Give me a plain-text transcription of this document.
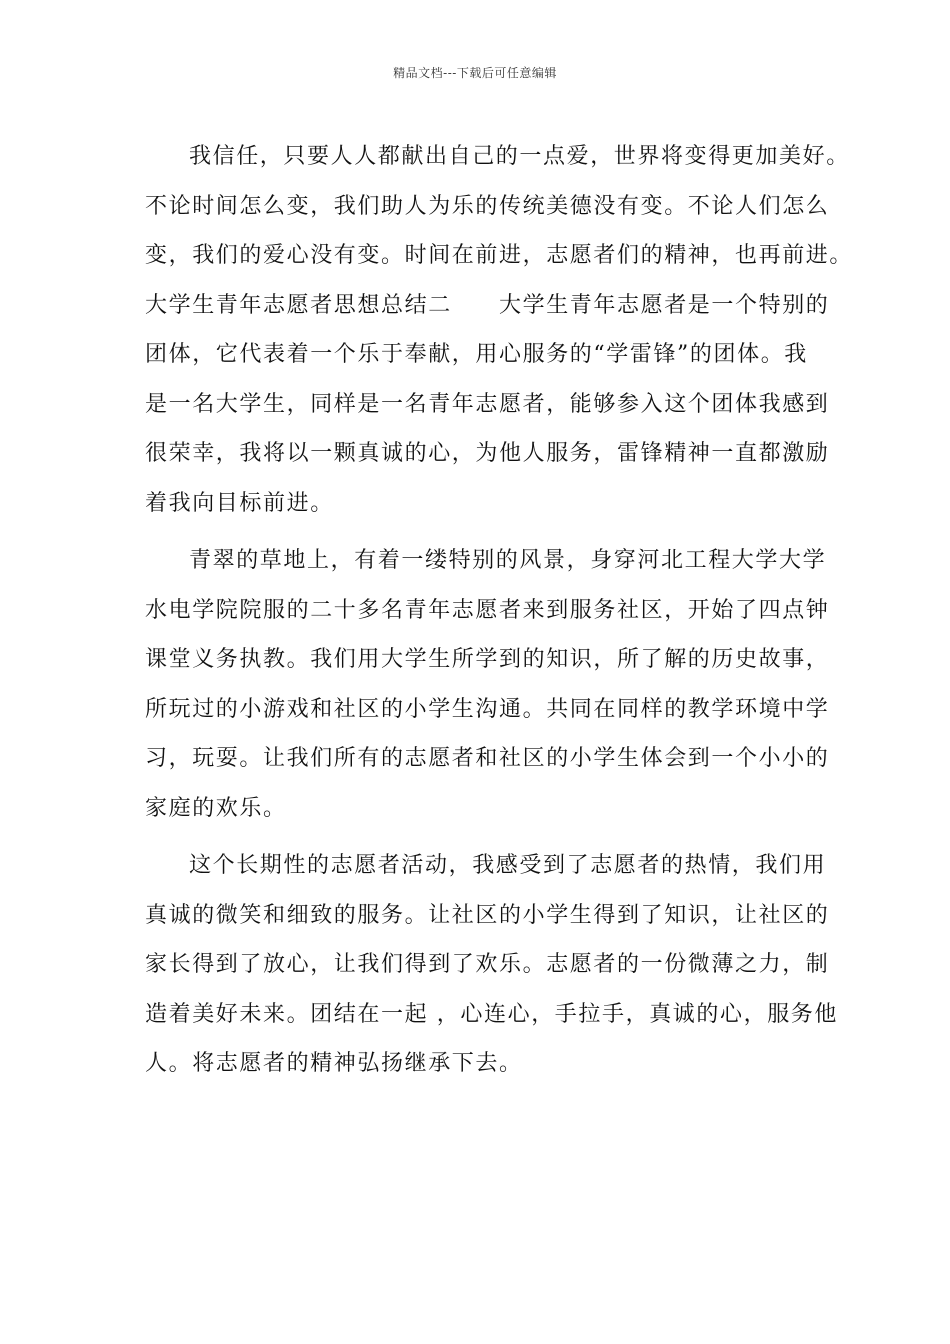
精品文档---下载后可任意编辑
我信任，只要人人都献出自己的一点爱，世界将变得更加美好。
不论时间怎么变，我们助人为乐的传统美德没有变。不论人们怎么
变，我们的爱心没有变。时间在前进，志愿者们的精神，也再前进。
大学生青年志愿者思想总结二　　大学生青年志愿者是一个特别的
团体，它代表着一个乐于奉献，用心服务的“学雷锋”的团体。我
是一名大学生，同样是一名青年志愿者，能够参入这个团体我感到
很荣幸，我将以一颗真诚的心，为他人服务，雷锋精神一直都激励
着我向目标前进。
青翠的草地上，有着一缕特别的风景，身穿河北工程大学大学
水电学院院服的二十多名青年志愿者来到服务社区，开始了四点钟
课堂义务执教。我们用大学生所学到的知识，所了解的历史故事，
所玩过的小游戏和社区的小学生沟通。共同在同样的教学环境中学
习，玩耍。让我们所有的志愿者和社区的小学生体会到一个小小的
家庭的欢乐。
这个长期性的志愿者活动，我感受到了志愿者的热情，我们用
真诚的微笑和细致的服务。让社区的小学生得到了知识，让社区的
家长得到了放心，让我们得到了欢乐。志愿者的一份微薄之力，制
造着美好未来。团结在一起 ，心连心，手拉手，真诚的心，服务他
人。将志愿者的精神弘扬继承下去。
